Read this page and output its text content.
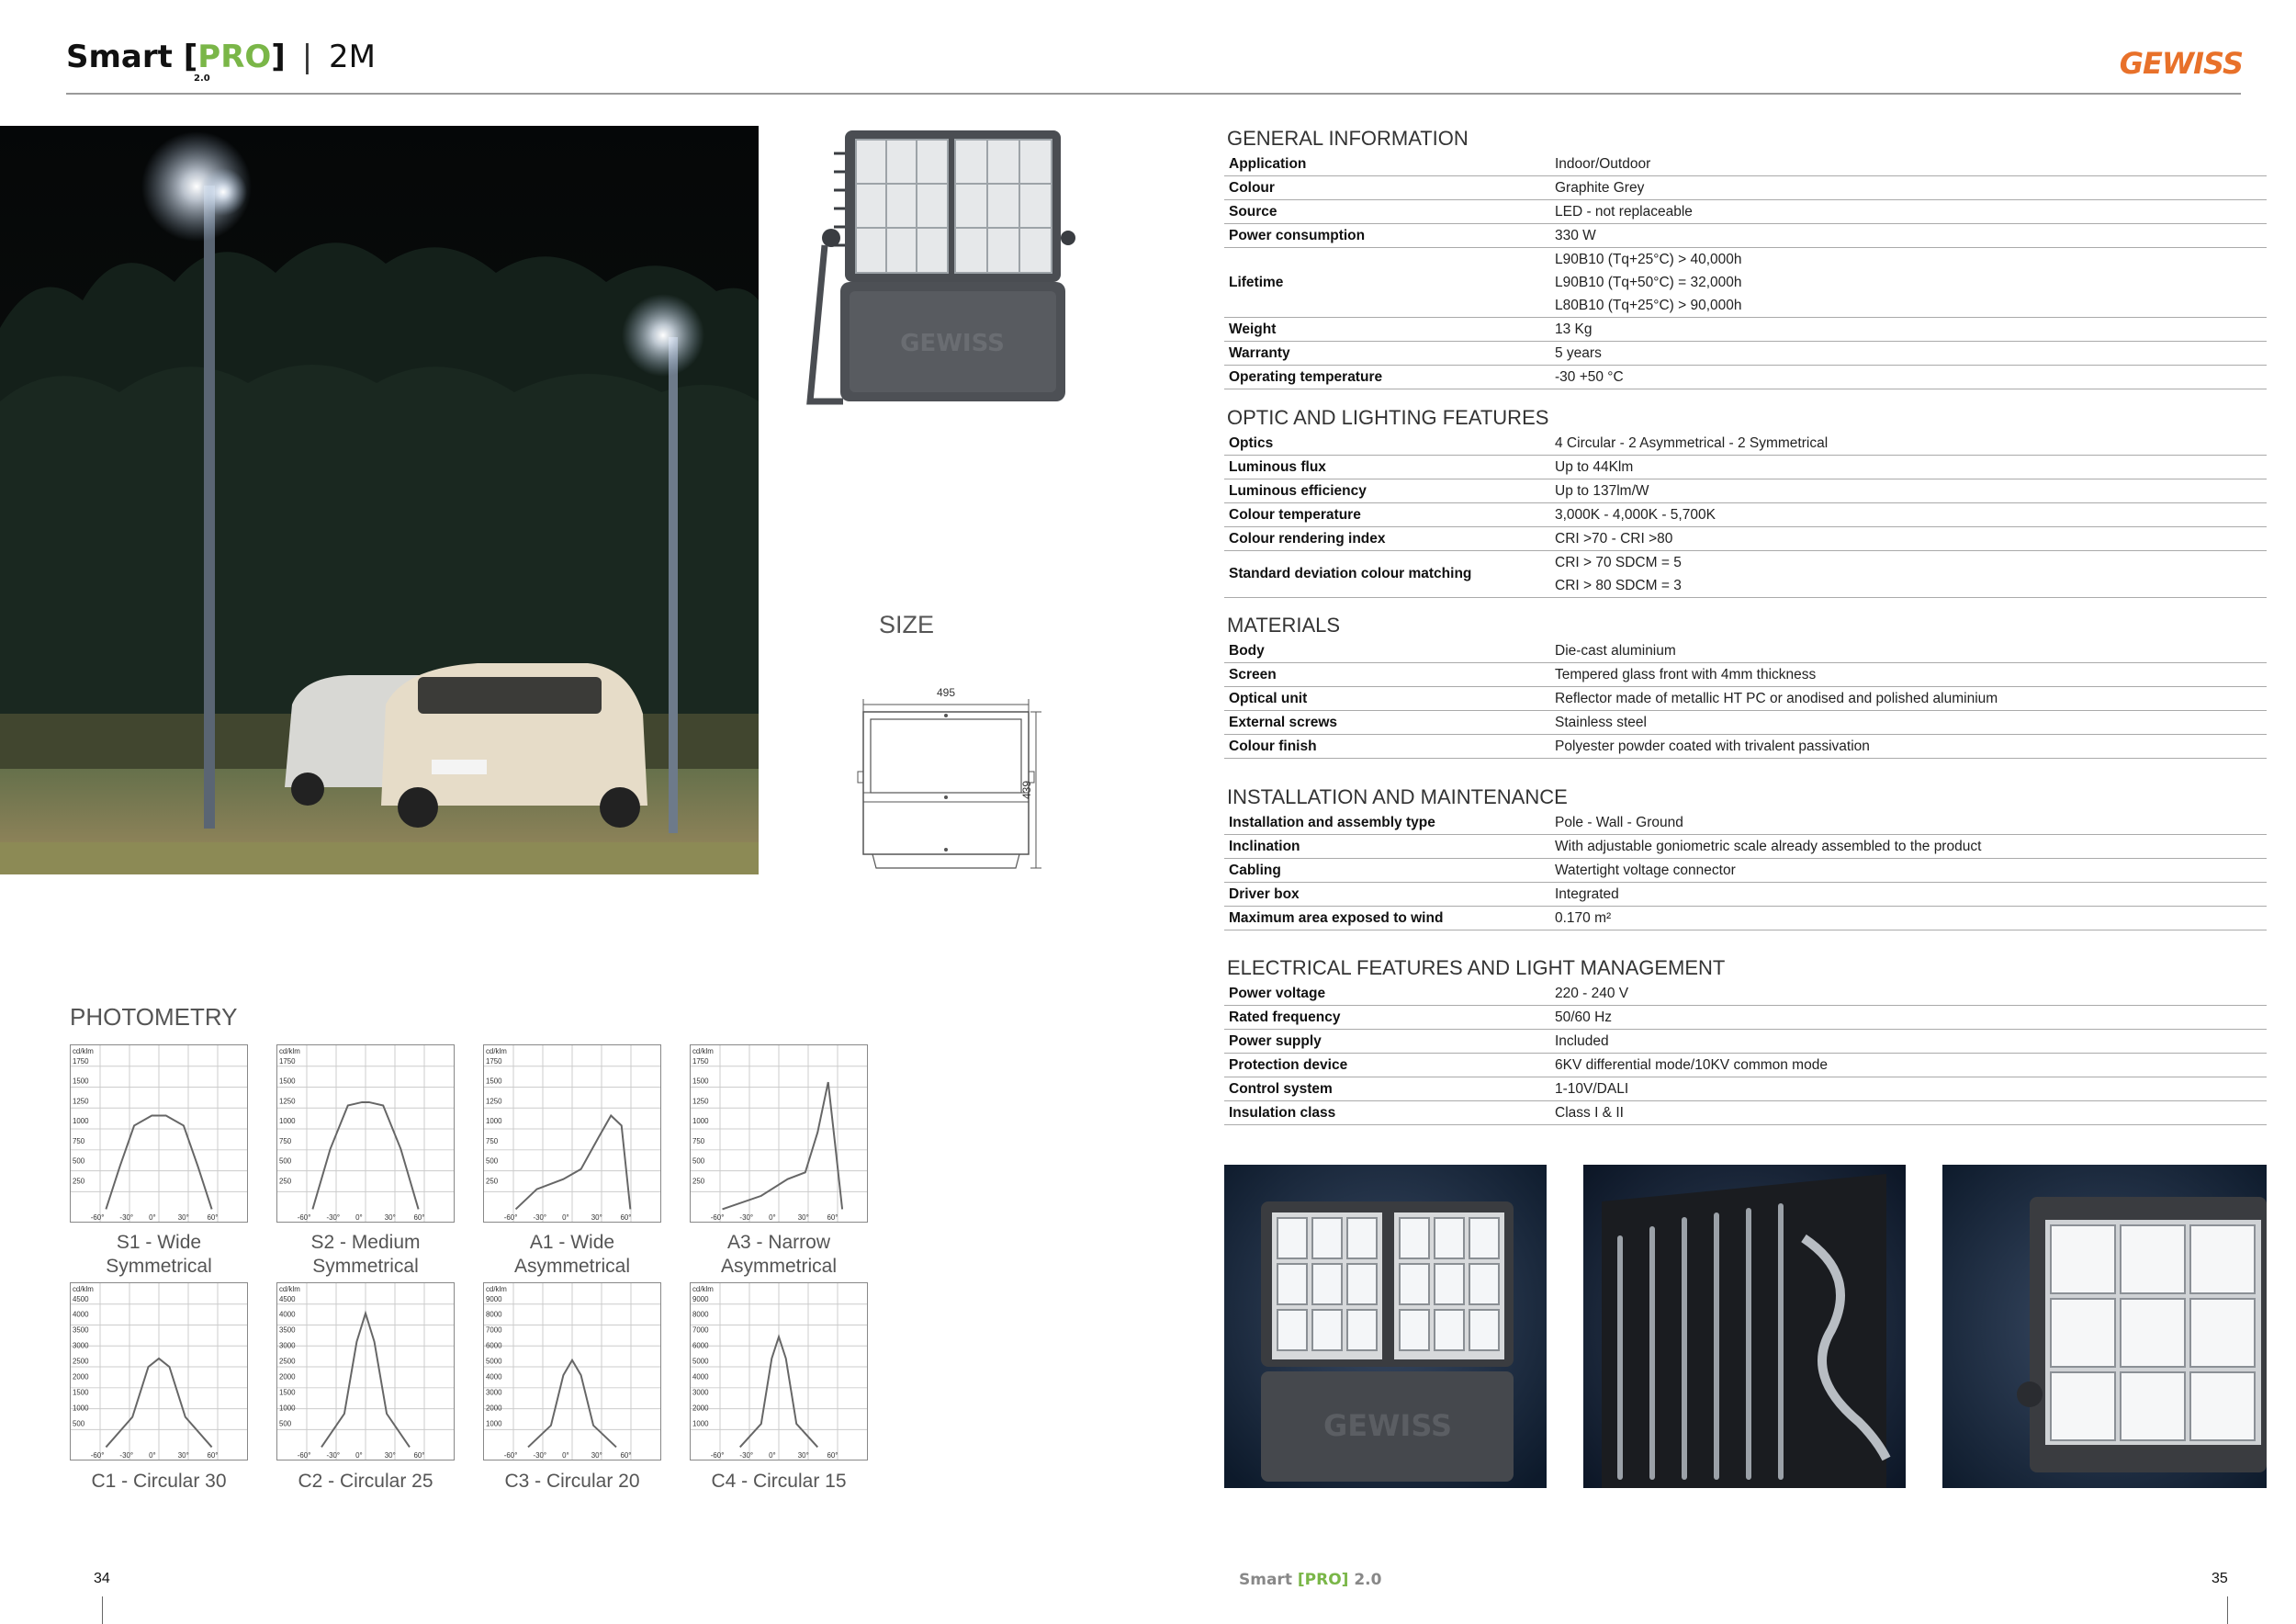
Smart [PRO] | 2M
2.0	GEWISS
GEWISS
SIZE
495
439
PHOTOMETRY
cd/klm
1750
1500
1250
1000
750
500
250
-60° -30° 0°	30° 60°
S1 - Wide
Symmetrical
cd/klm
1750
1500
1250
1000
750
500
250
-60° -30° 0°	30° 60°
S2 - Medium
Symmetrical
cd/klm
1750
1500
1250
1000
750
500
250
-60° -30° 0°	30° 60°
A1 - Wide
Asymmetrical
cd/klm
1750
1500
1250
1000
750
500
250
-60° -30° 0°	30° 60°
A3 - Narrow
Asymmetrical
cd/klm
4500
4000
3500
3000
2500
2000
1500
1000
500
-60° -30° 0°	30° 60°
C1 - Circular 30
cd/klm
4500
4000
3500
3000
2500
2000
1500
1000
500
-60° -30° 0°	30° 60°
C2 - Circular 25
cd/klm
9000
8000
7000
6000
5000
4000
3000
2000
1000
-60° -30° 0°	30° 60°
C3 - Circular 20
cd/klm
9000
8000
7000
6000
5000
4000
3000
2000
1000
-60° -30° 0°	30° 60°
C4 - Circular 15
GENERAL INFORMATION
Application	Indoor/Outdoor
Colour	Graphite Grey
Source	LED - not replaceable
Power consumption	330 W
Lifetime
L90B10 (Tq+25°C) > 40,000h
L90B10 (Tq+50°C) = 32,000h
L80B10 (Tq+25°C) > 90,000h
Weight	13 Kg
Warranty	5 years
Operating temperature	-30 +50 °C
OPTIC AND LIGHTING FEATURES
Optics	4 Circular - 2 Asymmetrical - 2 Symmetrical
Luminous flux	Up to 44Klm
Luminous efficiency	Up to 137lm/W
Colour temperature	3,000K - 4,000K - 5,700K
Colour rendering index	CRI >70 - CRI >80
Standard deviation colour matching
CRI > 70 SDCM = 5
CRI > 80 SDCM = 3
MATERIALS
Body	Die-cast aluminium
Screen	Tempered glass front with 4mm thickness
Optical unit	Reflector made of metallic HT PC or anodised and polished aluminium
External screws	Stainless steel
Colour finish	Polyester powder coated with trivalent passivation
INSTALLATION AND MAINTENANCE
Installation and assembly type	Pole - Wall - Ground
Inclination	With adjustable goniometric scale already assembled to the product
Cabling	Watertight voltage connector
Driver box	Integrated
Maximum area exposed to wind	0.170 m²
ELECTRICAL FEATURES AND LIGHT MANAGEMENT
Power voltage	220 - 240 V
Rated frequency	50/60 Hz
Power supply	Included
Protection device	6KV differential mode/10KV common mode
Control system	1-10V/DALI
Insulation class	Class I & II
GEWISS
34	Smart [PRO] 2.0	35
